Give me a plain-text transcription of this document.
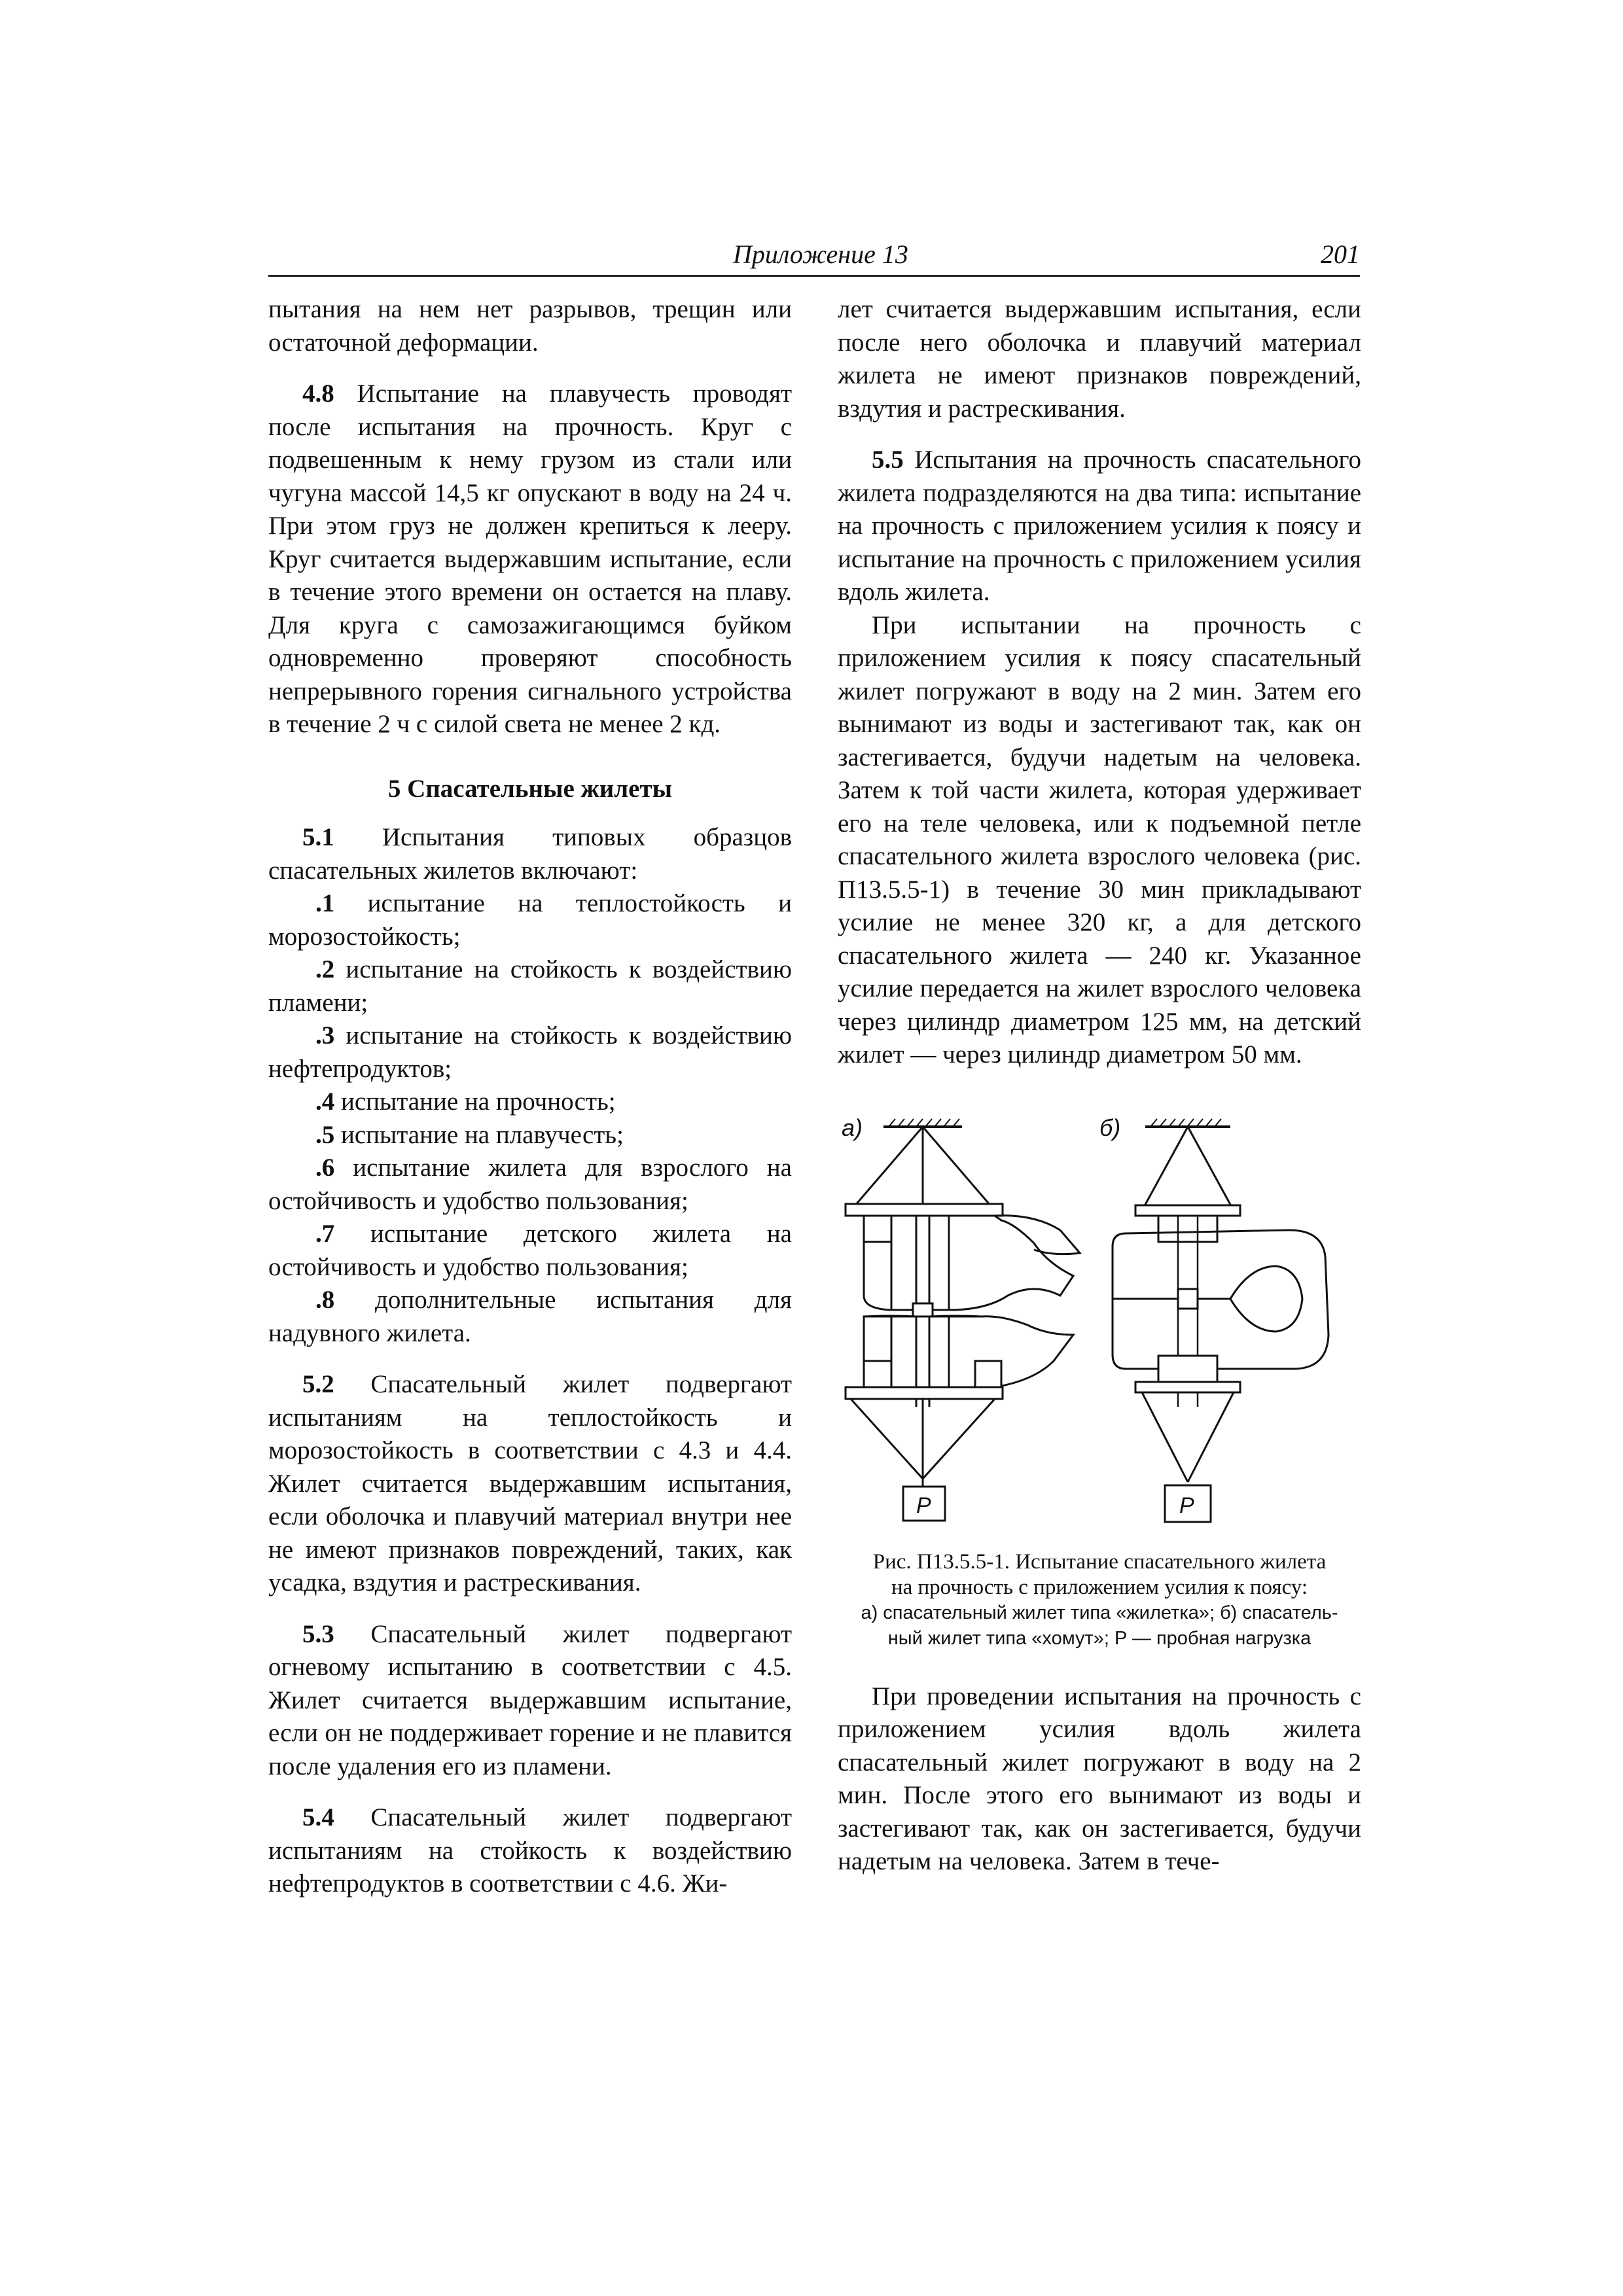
Приложение 13	201

пытания на нем нет разрывов, трещин или остаточной деформации.

4.8 Испытание на плавучесть проводят после испытания на прочность. Круг с подвешенным к нему грузом из стали или чугуна массой 14,5 кг опускают в воду на 24 ч. При этом груз не должен крепиться к лееру. Круг считается выдержавшим испытание, если в течение этого времени он остается на плаву. Для круга с самозажигающимся буйком одновременно проверяют способность непрерывного горения сигнального устройства в течение 2 ч с силой света не менее 2 кд.

5 Спасательные жилеты

5.1 Испытания типовых образцов спасательных жилетов включают:

.1 испытание на теплостойкость и морозостойкость;

.2 испытание на стойкость к воздействию пламени;

.3 испытание на стойкость к воздействию нефтепродуктов;

.4 испытание на прочность;

.5 испытание на плавучесть;

.6 испытание жилета для взрослого на остойчивость и удобство пользования;

.7 испытание детского жилета на остойчивость и удобство пользования;

.8 дополнительные испытания для надувного жилета.

5.2 Спасательный жилет подвергают испытаниям на теплостойкость и морозостойкость в соответствии с 4.3 и 4.4. Жилет считается выдержавшим испытания, если оболочка и плавучий материал внутри нее не имеют признаков повреждений, таких, как усадка, вздутия и растрескивания.

5.3 Спасательный жилет подвергают огневому испытанию в соответствии с 4.5. Жилет считается выдержавшим испытание, если он не поддерживает горение и не плавится после удаления его из пламени.

5.4 Спасательный жилет подвергают испытаниям на стойкость к воздействию нефтепродуктов в соответствии с 4.6. Жи-

лет считается выдержавшим испытания, если после него оболочка и плавучий материал жилета не имеют признаков повреждений, вздутия и растрескивания.

5.5 Испытания на прочность спасательного жилета подразделяются на два типа: испытание на прочность с приложением усилия к поясу и испытание на прочность с приложением усилия вдоль жилета.

При испытании на прочность с приложением усилия к поясу спасательный жилет погружают в воду на 2 мин. Затем его вынимают из воды и застегивают так, как он застегивается, будучи надетым на человека. Затем к той части жилета, которая удерживает его на теле человека, или к подъемной петле спасательного жилета взрослого человека (рис. П13.5.5-1) в течение 30 мин прикладывают усилие не менее 320 кг, а для детского спасательного жилета — 240 кг. Указанное усилие передается на жилет взрослого человека через цилиндр диаметром 125 мм, на детский жилет — через цилиндр диаметром 50 мм.

а)	б)
P	P
Рис. П13.5.5-1. Испытание спасательного жилета
на прочность с приложением усилия к поясу:
а) спасательный жилет типа «жилетка»; б) спасатель-
ный жилет типа «хомут»; P — пробная нагрузка

При проведении испытания на прочность с приложением усилия вдоль жилета спасательный жилет погружают в воду на 2 мин. После этого его вынимают из воды и застегивают так, как он застегивается, будучи надетым на человека. Затем в тече-
